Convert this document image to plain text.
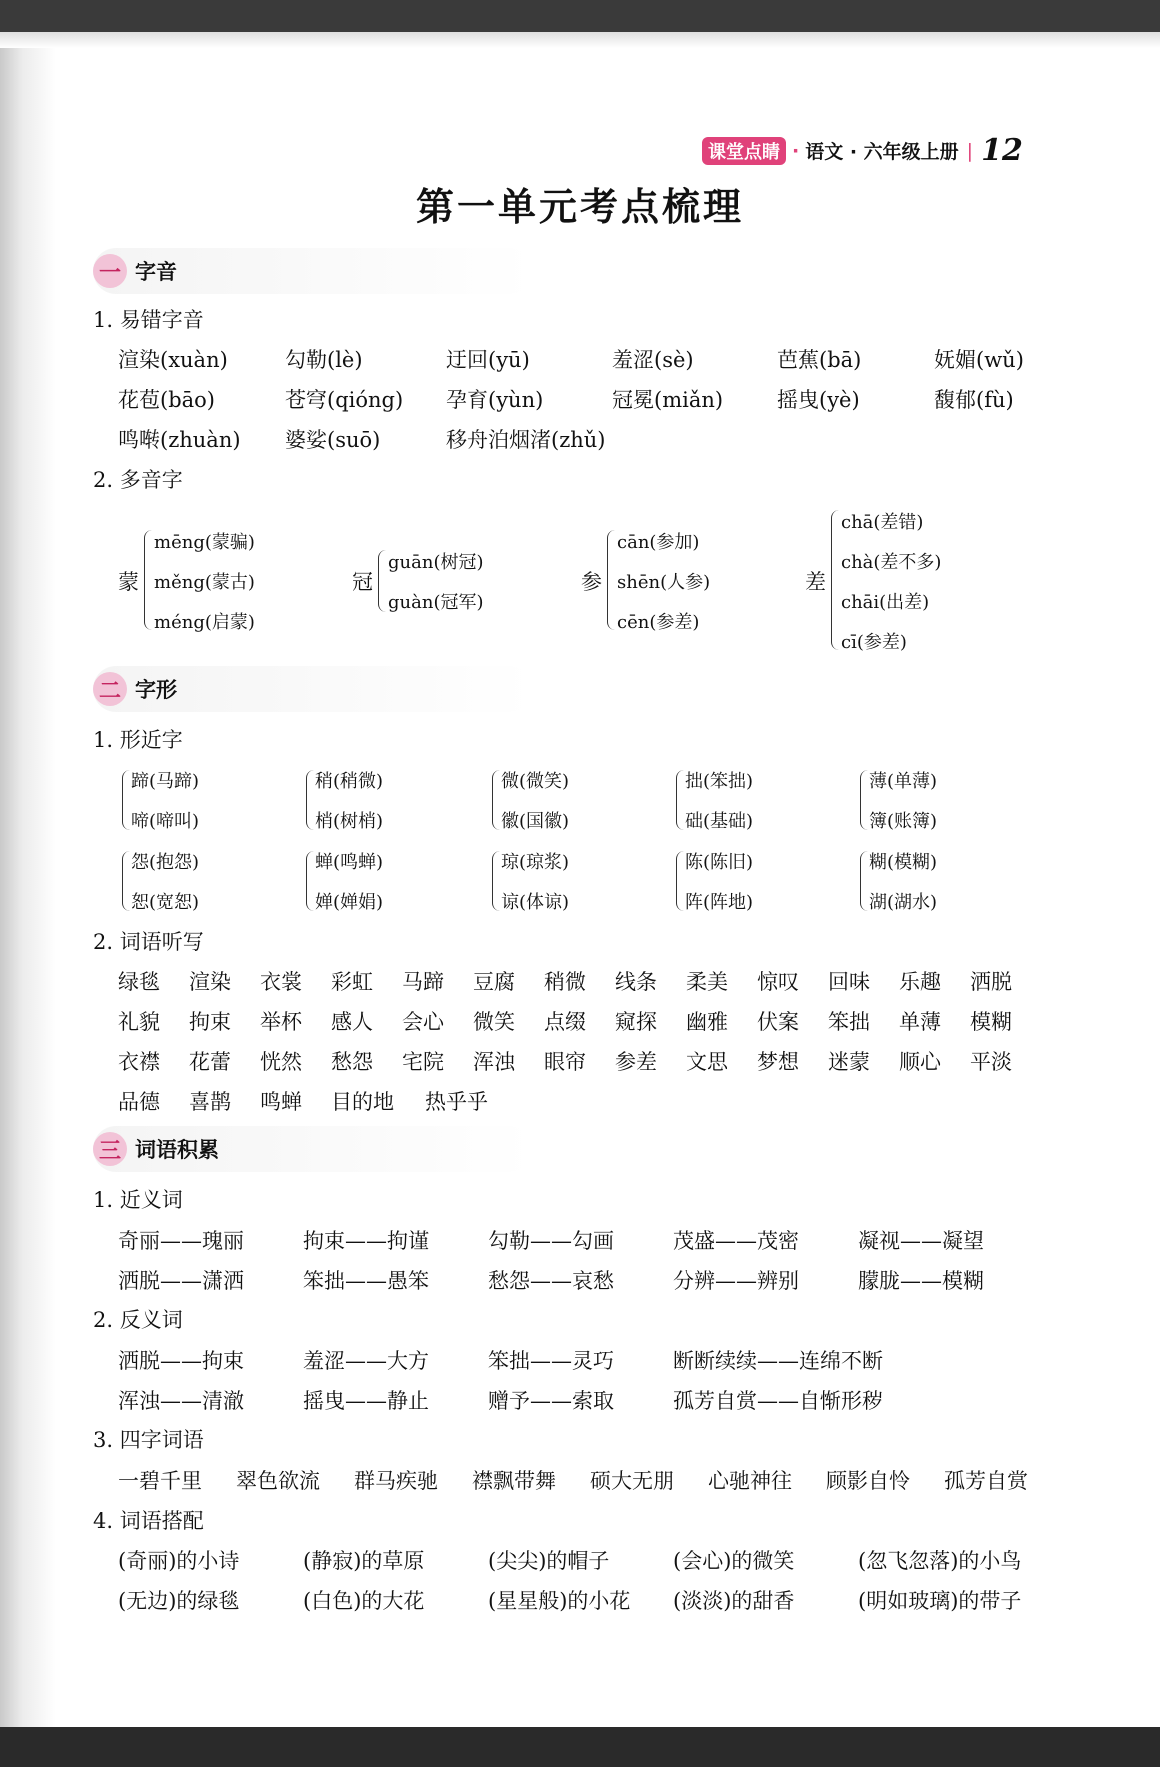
课堂点睛 · 语文 · 六年级上册 | 12
第一单元考点梳理
一 字音
1. 易错字音
渲染(xuàn)	勾勒(lè)	迂回(yū)	羞涩(sè)	芭蕉(bā)	妩媚(wǔ)
花苞(bāo)	苍穹(qióng) 孕育(yùn)	冠冕(miǎn)	摇曳(yè)	馥郁(fù)
鸣啭(zhuàn) 婆娑(suō)	移舟泊烟渚(zhǔ)
2. 多音字
蒙
mēng(蒙骗)
měng(蒙古)
méng(启蒙)
冠
guān(树冠)
guàn(冠军)
参
cān(参加)
shēn(人参)
cēn(参差)
差
chā(差错)
chà(差不多)
chāi(出差)
cī(参差)
二 字形
1. 形近字
蹄(马蹄)
啼(啼叫)
稍(稍微)
梢(树梢)
微(微笑)
徽(国徽)
拙(笨拙)
础(基础)
薄(单薄)
簿(账簿)
怨(抱怨)
恕(宽恕)
蝉(鸣蝉)
婵(婵娟)
琼(琼浆)
谅(体谅)
陈(陈旧)
阵(阵地)
糊(模糊)
湖(湖水)
2. 词语听写
绿毯 渲染 衣裳 彩虹 马蹄 豆腐 稍微 线条 柔美 惊叹 回味 乐趣 洒脱
礼貌 拘束 举杯 感人 会心 微笑 点缀 窥探 幽雅 伏案 笨拙 单薄 模糊
衣襟 花蕾 恍然 愁怨 宅院 浑浊 眼帘 参差 文思 梦想 迷蒙 顺心 平淡
品德 喜鹊 鸣蝉 目的地 热乎乎
三 词语积累
1. 近义词
奇丽——瑰丽	拘束——拘谨	勾勒——勾画	茂盛——茂密	凝视——凝望
洒脱——潇洒	笨拙——愚笨	愁怨——哀愁	分辨——辨别	朦胧——模糊
2. 反义词
洒脱——拘束	羞涩——大方	笨拙——灵巧	断断续续——连绵不断
浑浊——清澈	摇曳——静止	赠予——索取	孤芳自赏——自惭形秽
3. 四字词语
一碧千里 翠色欲流 群马疾驰 襟飘带舞 硕大无朋 心驰神往 顾影自怜 孤芳自赏
4. 词语搭配
(奇丽)的小诗	(静寂)的草原	(尖尖)的帽子	(会心)的微笑	(忽飞忽落)的小鸟
(无边)的绿毯	(白色)的大花	(星星般)的小花 (淡淡)的甜香	(明如玻璃)的带子
